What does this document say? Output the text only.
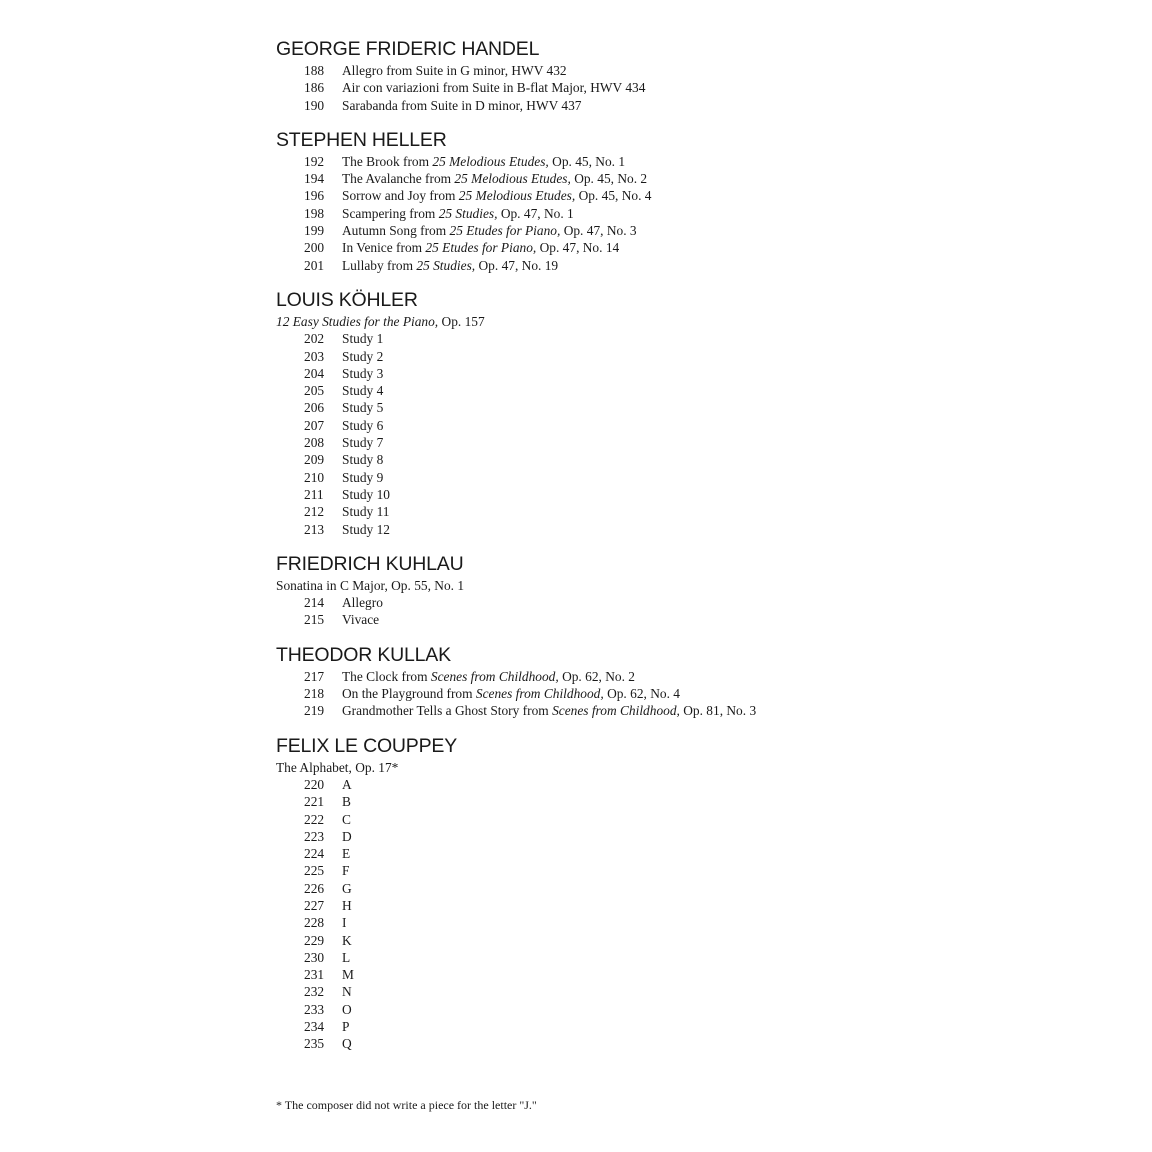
GEORGE FRIDERIC HANDEL
188	Allegro from Suite in G minor, HWV 432
186	Air con variazioni from Suite in B-flat Major, HWV 434
190	Sarabanda from Suite in D minor, HWV 437
STEPHEN HELLER
192	The Brook from 25 Melodious Etudes, Op. 45, No. 1
194	The Avalanche from 25 Melodious Etudes, Op. 45, No. 2
196	Sorrow and Joy from 25 Melodious Etudes, Op. 45, No. 4
198	Scampering from 25 Studies, Op. 47, No. 1
199	Autumn Song from 25 Etudes for Piano, Op. 47, No. 3
200	In Venice from 25 Etudes for Piano, Op. 47, No. 14
201	Lullaby from 25 Studies, Op. 47, No. 19
LOUIS KÖHLER
12 Easy Studies for the Piano, Op. 157
202	Study 1
203	Study 2
204	Study 3
205	Study 4
206	Study 5
207	Study 6
208	Study 7
209	Study 8
210	Study 9
211	Study 10
212	Study 11
213	Study 12
FRIEDRICH KUHLAU
Sonatina in C Major, Op. 55, No. 1
214	Allegro
215	Vivace
THEODOR KULLAK
217	The Clock from Scenes from Childhood, Op. 62, No. 2
218	On the Playground from Scenes from Childhood, Op. 62, No. 4
219	Grandmother Tells a Ghost Story from Scenes from Childhood, Op. 81, No. 3
FELIX LE COUPPEY
The Alphabet, Op. 17*
220	A
221	B
222	C
223	D
224	E
225	F
226	G
227	H
228	I
229	K
230	L
231	M
232	N
233	O
234	P
235	Q
* The composer did not write a piece for the letter "J."
